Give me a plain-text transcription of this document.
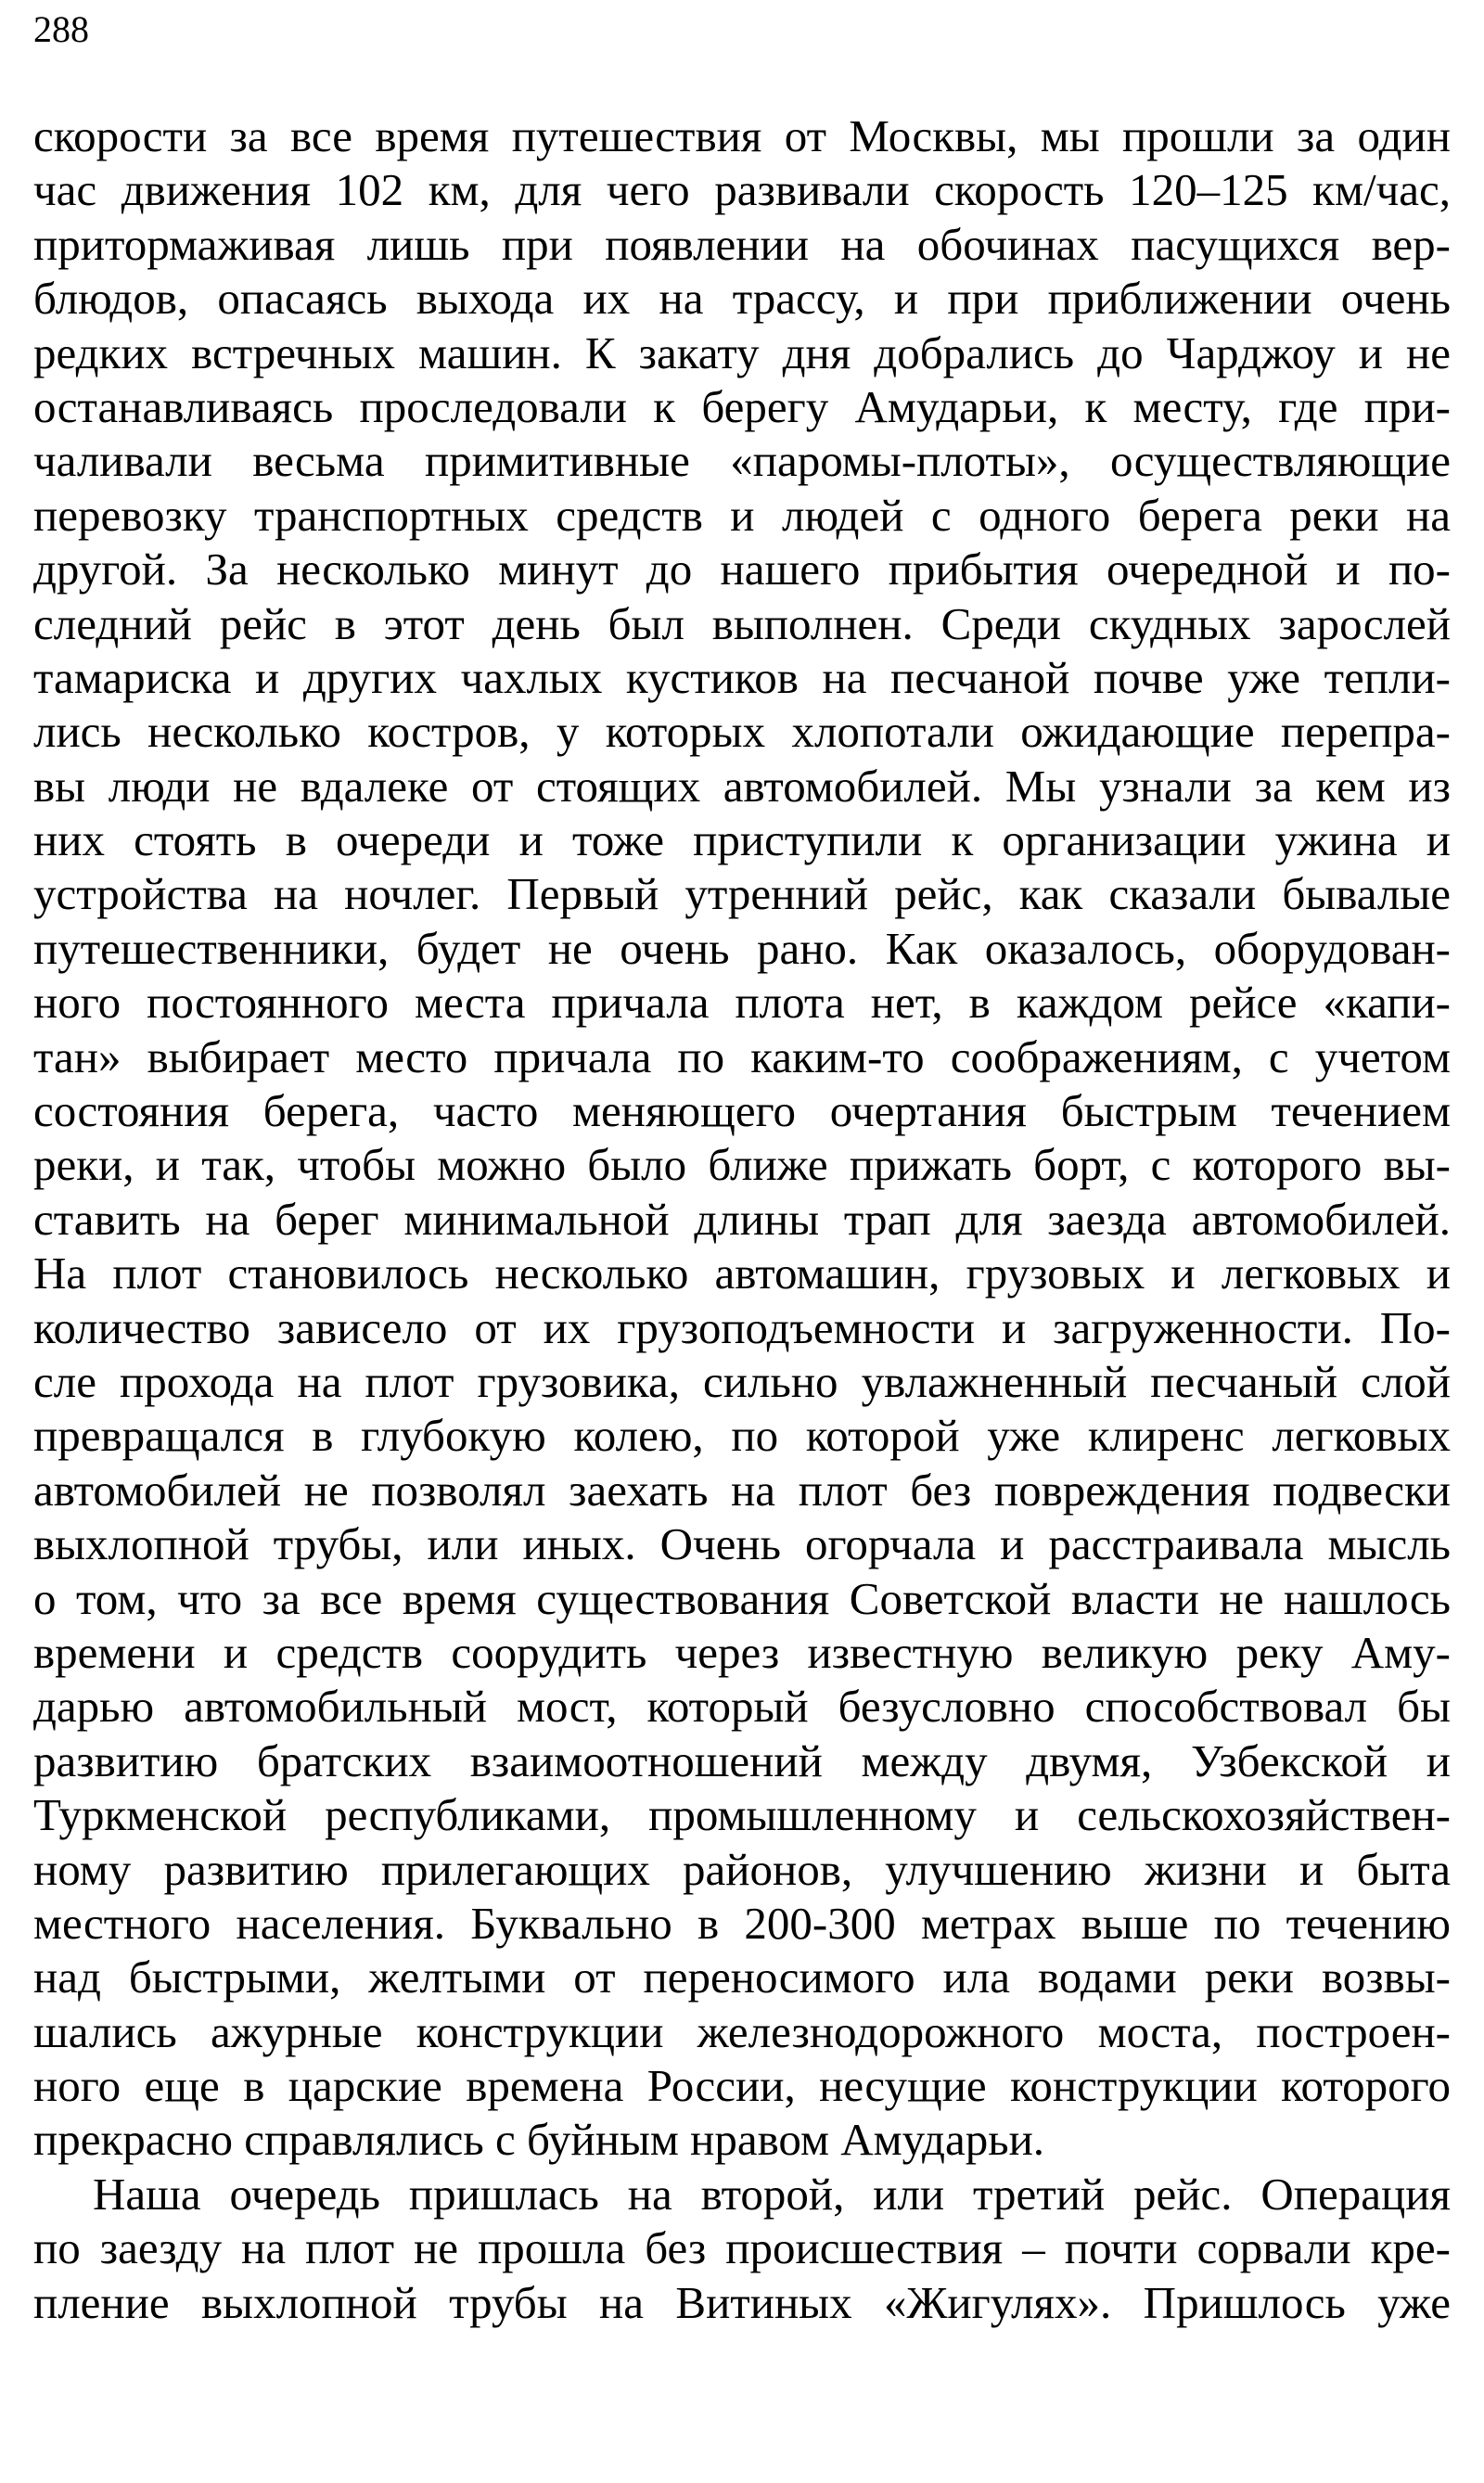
288
скорости за все время путешествия от Москвы, мы прошли за один
час движения 102 км, для чего развивали скорость 120–125 км/час,
притормаживая лишь при появлении на обочинах пасущихся вер-
блюдов, опасаясь выхода их на трассу, и при приближении очень
редких встречных машин. К закату дня добрались до Чарджоу и не
останавливаясь проследовали к берегу Амударьи, к месту, где при-
чаливали весьма примитивные «паромы-плоты», осуществляющие
перевозку транспортных средств и людей с одного берега реки на
другой. За несколько минут до нашего прибытия очередной и по-
следний рейс в этот день был выполнен. Среди скудных зарослей
тамариска и других чахлых кустиков на песчаной почве уже тепли-
лись несколько костров, у которых хлопотали ожидающие перепра-
вы люди не вдалеке от стоящих автомобилей. Мы узнали за кем из
них стоять в очереди и тоже приступили к организации ужина и
устройства на ночлег. Первый утренний рейс, как сказали бывалые
путешественники, будет не очень рано. Как оказалось, оборудован-
ного постоянного места причала плота нет, в каждом рейсе «капи-
тан» выбирает место причала по каким-то соображениям, с учетом
состояния берега, часто меняющего очертания быстрым течением
реки, и так, чтобы можно было ближе прижать борт, с которого вы-
ставить на берег минимальной длины трап для заезда автомобилей.
На плот становилось несколько автомашин, грузовых и легковых и
количество зависело от их грузоподъемности и загруженности. По-
сле прохода на плот грузовика, сильно увлажненный песчаный слой
превращался в глубокую колею, по которой уже клиренс легковых
автомобилей не позволял заехать на плот без повреждения подвески
выхлопной трубы, или иных. Очень огорчала и расстраивала мысль
о том, что за все время существования Советской власти не нашлось
времени и средств соорудить через известную великую реку Аму-
дарью автомобильный мост, который безусловно способствовал бы
развитию братских взаимоотношений между двумя, Узбекской и
Туркменской республиками, промышленному и сельскохозяйствен-
ному развитию прилегающих районов, улучшению жизни и быта
местного населения. Буквально в 200-300 метрах выше по течению
над быстрыми, желтыми от переносимого ила водами реки возвы-
шались ажурные конструкции железнодорожного моста, построен-
ного еще в царские времена России, несущие конструкции которого
прекрасно справлялись с буйным нравом Амударьи.
Наша очередь пришлась на второй, или третий рейс. Операция
по заезду на плот не прошла без происшествия – почти сорвали кре-
пление выхлопной трубы на Витиных «Жигулях». Пришлось уже
